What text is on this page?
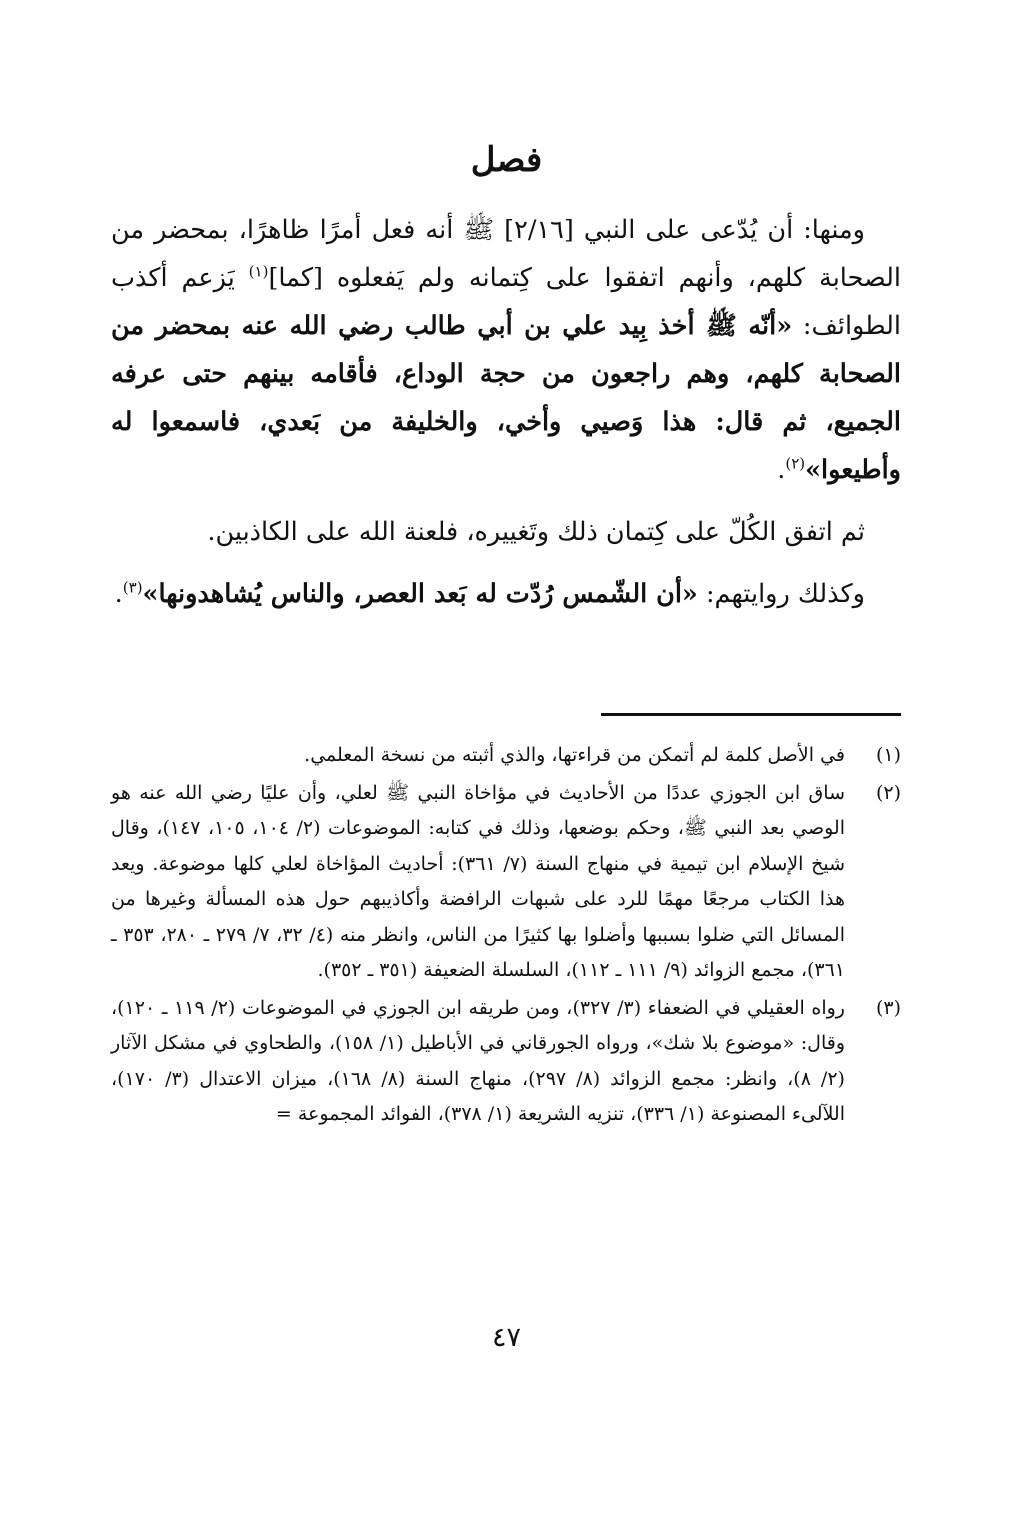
فصل

ومنها: أن يُدّعى على النبي [٢/١٦] ﷺ أنه فعل أمرًا ظاهرًا، بمحضر من الصحابة كلهم، وأنهم اتفقوا على كِتمانه ولم يَفعلوه [كما]$^{(١)}$ يَزعم أكذب الطوائف: «أنّه ﷺ أخذ بِيد علي بن أبي طالب رضي الله عنه بمحضر من الصحابة كلهم، وهم راجعون من حجة الوداع، فأقامه بينهم حتى عرفه الجميع، ثم قال: هذا وَصيي وأخي، والخليفة من بَعدي، فاسمعوا له وأطيعوا»$^{(٢)}$.

ثم اتفق الكُلّ على كِتمان ذلك وتَغييره، فلعنة الله على الكاذبين.

وكذلك روايتهم: «أن الشّمس رُدّت له بَعد العصر، والناس يُشاهدونها»$^{(٣)}$.

(١)
في الأصل كلمة لم أتمكن من قراءتها، والذي أثبته من نسخة المعلمي.
(٢)
ساق ابن الجوزي عددًا من الأحاديث في مؤاخاة النبي ﷺ لعلي، وأن عليًا رضي الله عنه هو الوصي بعد النبي ﷺ، وحكم بوضعها، وذلك في كتابه: الموضوعات (٢/ ١٠٤، ١٠٥، ١٤٧)، وقال شيخ الإسلام ابن تيمية في منهاج السنة (٧/ ٣٦١): أحاديث المؤاخاة لعلي كلها موضوعة. ويعد هذا الكتاب مرجعًا مهمًا للرد على شبهات الرافضة وأكاذيبهم حول هذه المسألة وغيرها من المسائل التي ضلوا بسببها وأضلوا بها كثيرًا من الناس، وانظر منه (٤/ ٣٢، ٧/ ٢٧٩ ـ ٢٨٠، ٣٥٣ ـ ٣٦١)، مجمع الزوائد (٩/ ١١١ ـ ١١٢)، السلسلة الضعيفة (٣٥١ ـ ٣٥٢).
(٣)
رواه العقيلي في الضعفاء (٣/ ٣٢٧)، ومن طريقه ابن الجوزي في الموضوعات (٢/ ١١٩ ـ ١٢٠)، وقال: «موضوع بلا شك»، ورواه الجورقاني في الأباطيل (١/ ١٥٨)، والطحاوي في مشكل الآثار (٢/ ٨)، وانظر: مجمع الزوائد (٨/ ٢٩٧)، منهاج السنة (٨/ ١٦٨)، ميزان الاعتدال (٣/ ١٧٠)، اللآلىء المصنوعة (١/ ٣٣٦)، تنزيه الشريعة (١/ ٣٧٨)، الفوائد المجموعة =
٤٧
